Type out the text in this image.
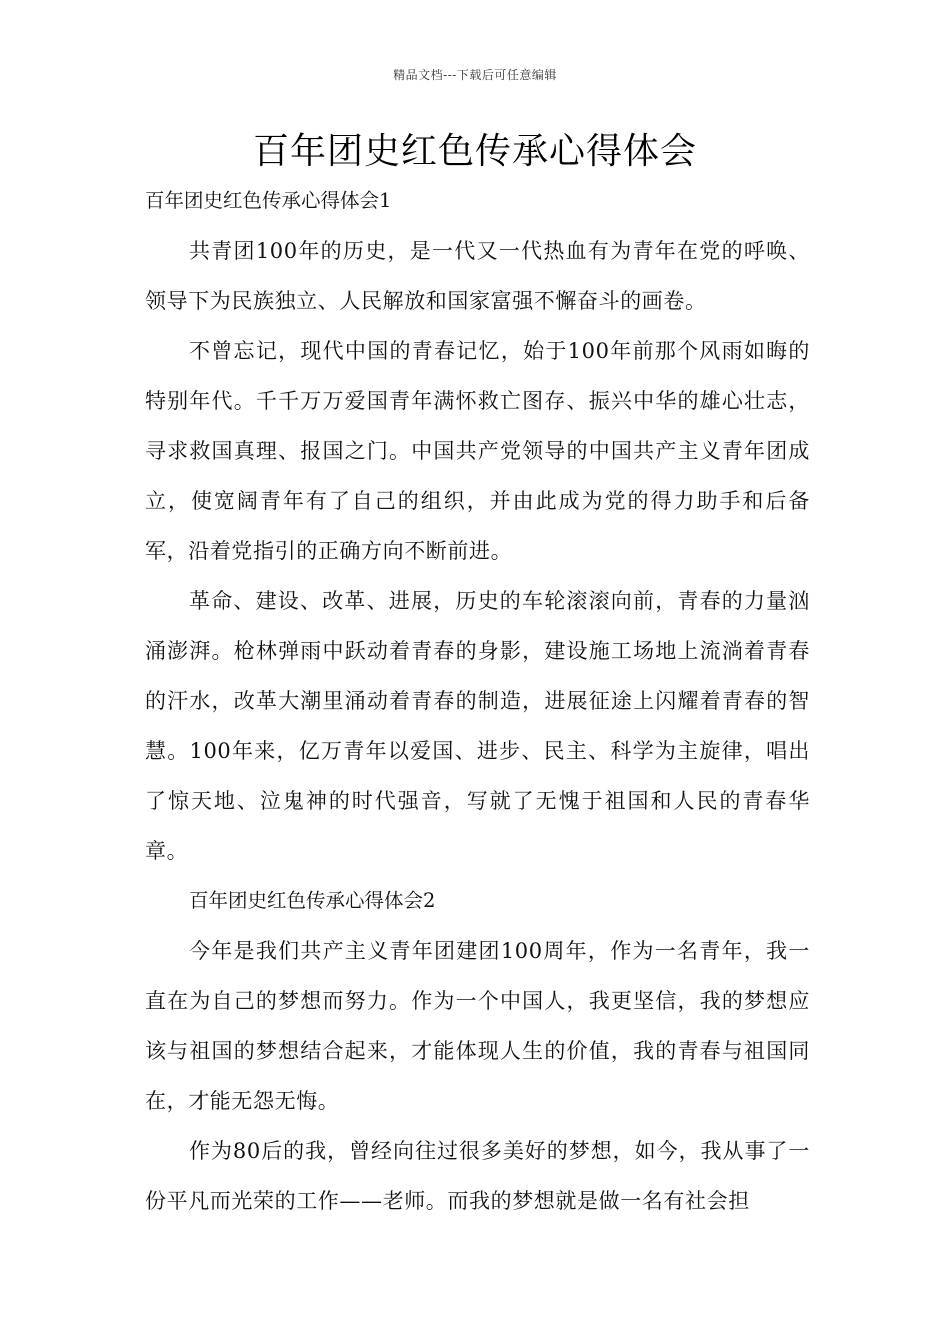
精品文档---下载后可任意编辑
百年团史红色传承心得体会

百年团史红色传承心得体会1

共青团100年的历史，是一代又一代热血有为青年在党的呼唤、领导下为民族独立、人民解放和国家富强不懈奋斗的画卷。

不曾忘记，现代中国的青春记忆，始于100年前那个风雨如晦的特别年代。千千万万爱国青年满怀救亡图存、振兴中华的雄心壮志，寻求救国真理、报国之门。中国共产党领导的中国共产主义青年团成立，使宽阔青年有了自己的组织，并由此成为党的得力助手和后备军，沿着党指引的正确方向不断前进。

革命、建设、改革、进展，历史的车轮滚滚向前，青春的力量汹涌澎湃。枪林弹雨中跃动着青春的身影，建设施工场地上流淌着青春的汗水，改革大潮里涌动着青春的制造，进展征途上闪耀着青春的智慧。100年来，亿万青年以爱国、进步、民主、科学为主旋律，唱出了惊天地、泣鬼神的时代强音，写就了无愧于祖国和人民的青春华章。

百年团史红色传承心得体会2

今年是我们共产主义青年团建团100周年，作为一名青年，我一直在为自己的梦想而努力。作为一个中国人，我更坚信，我的梦想应该与祖国的梦想结合起来，才能体现人生的价值，我的青春与祖国同在，才能无怨无悔。

作为80后的我，曾经向往过很多美好的梦想，如今，我从事了一份平凡而光荣的工作——老师。而我的梦想就是做一名有社会担
